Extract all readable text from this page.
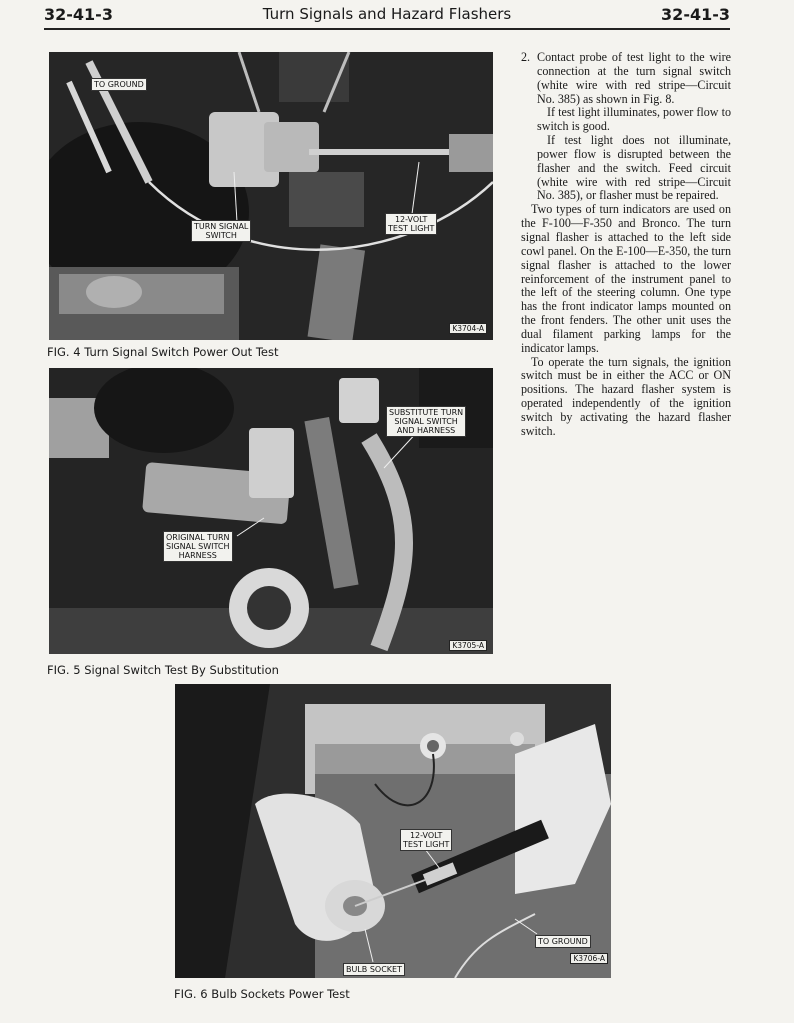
32-41-3	Turn Signals and Hazard Flashers	32-41-3
TO GROUND
TURN SIGNAL
SWITCH
12-VOLT
TEST LIGHT
K3704-A
FIG. 4 Turn Signal Switch Power Out Test
SUBSTITUTE TURN
SIGNAL SWITCH
AND HARNESS
ORIGINAL TURN
SIGNAL SWITCH
HARNESS
K3705-A
FIG. 5 Signal Switch Test By Substitution
12-VOLT
TEST LIGHT
TO GROUND
BULB SOCKET
K3706-A
FIG. 6 Bulb Sockets Power Test
2. Contact probe of test light to the wire connection at the turn signal switch (white wire with red stripe—Circuit No. 385) as shown in Fig. 8.

If test light illuminates, power flow to switch is good.

If test light does not illuminate, power flow is disrupted between the flasher and the switch. Feed circuit (white wire with red stripe—Circuit No. 385), or flasher must be repaired.

Two types of turn indicators are used on the F-100—F-350 and Bronco. The turn signal flasher is attached to the left side cowl panel. On the E-100—E-350, the turn signal flasher is attached to the lower reinforcement of the instrument panel to the left of the steering column. One type has the front indicator lamps mounted on the front fenders. The other unit uses the dual filament parking lamps for the indicator lamps.

To operate the turn signals, the ignition switch must be in either the ACC or ON positions. The hazard flasher system is operated independently of the ignition switch by activating the hazard flasher switch.
